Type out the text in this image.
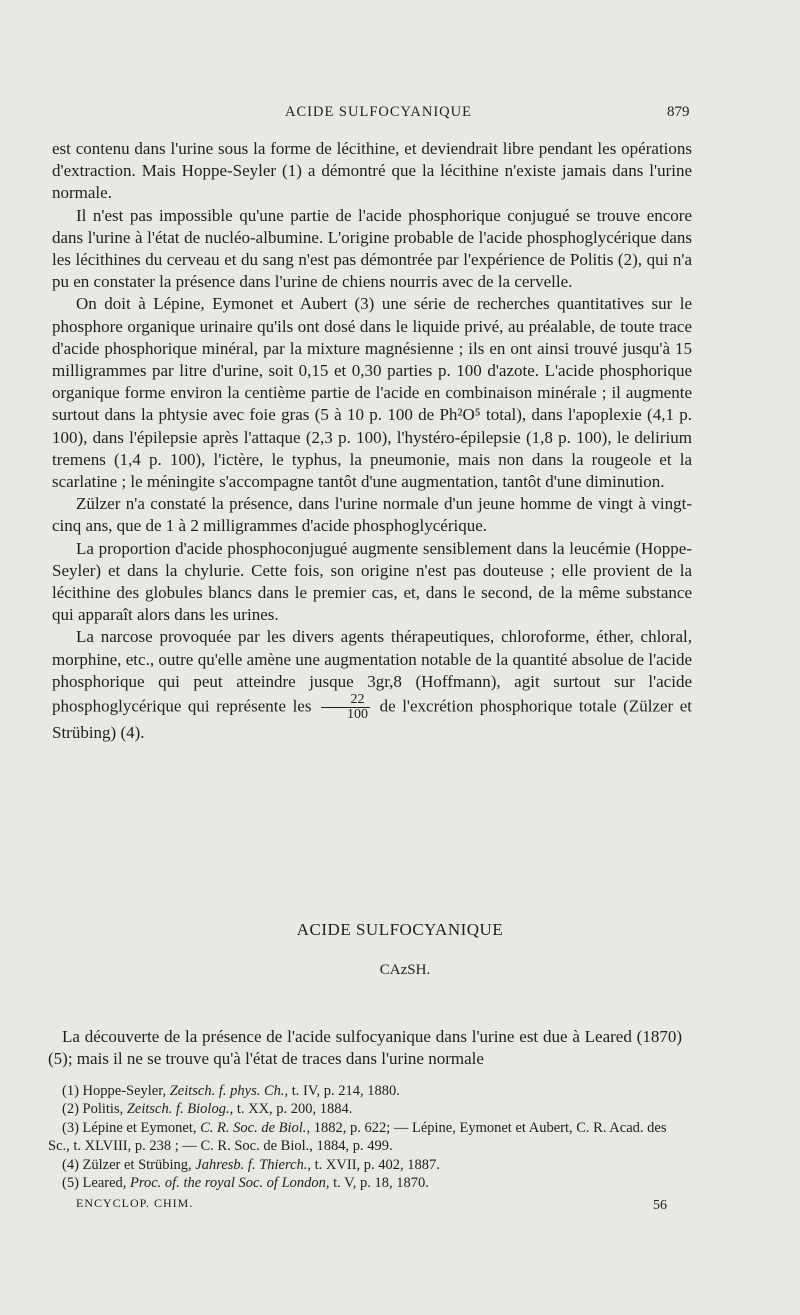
ACIDE SULFOCYANIQUE	879

est contenu dans l'urine sous la forme de lécithine, et deviendrait libre pendant les opérations d'extraction. Mais Hoppe-Seyler (1) a démontré que la lécithine n'existe jamais dans l'urine normale.

Il n'est pas impossible qu'une partie de l'acide phosphorique conjugué se trouve encore dans l'urine à l'état de nucléo-albumine. L'origine probable de l'acide phosphoglycérique dans les lécithines du cerveau et du sang n'est pas démontrée par l'expérience de Politis (2), qui n'a pu en constater la présence dans l'urine de chiens nourris avec de la cervelle.

On doit à Lépine, Eymonet et Aubert (3) une série de recherches quantitatives sur le phosphore organique urinaire qu'ils ont dosé dans le liquide privé, au préalable, de toute trace d'acide phosphorique minéral, par la mixture magnésienne ; ils en ont ainsi trouvé jusqu'à 15 milligrammes par litre d'urine, soit 0,15 et 0,30 parties p. 100 d'azote. L'acide phosphorique organique forme environ la centième partie de l'acide en combinaison minérale ; il augmente surtout dans la phtysie avec foie gras (5 à 10 p. 100 de Ph²O⁵ total), dans l'apoplexie (4,1 p. 100), dans l'épilepsie après l'attaque (2,3 p. 100), l'hystéro-épilepsie (1,8 p. 100), le delirium tremens (1,4 p. 100), l'ictère, le typhus, la pneumonie, mais non dans la rougeole et la scarlatine ; le méningite s'accompagne tantôt d'une augmentation, tantôt d'une diminution.

Zülzer n'a constaté la présence, dans l'urine normale d'un jeune homme de vingt à vingt-cinq ans, que de 1 à 2 milligrammes d'acide phosphoglycérique.

La proportion d'acide phosphoconjugué augmente sensiblement dans la leucémie (Hoppe-Seyler) et dans la chylurie. Cette fois, son origine n'est pas douteuse ; elle provient de la lécithine des globules blancs dans le premier cas, et, dans le second, de la même substance qui apparaît alors dans les urines.

La narcose provoquée par les divers agents thérapeutiques, chloroforme, éther, chloral, morphine, etc., outre qu'elle amène une augmentation notable de la quantité absolue de l'acide phosphorique qui peut atteindre jusque 3gr,8 (Hoffmann), agit surtout sur l'acide phosphoglycérique qui représente les $\frac{22}{100}$ de l'excrétion phosphorique totale (Zülzer et Strübing) (4).

ACIDE SULFOCYANIQUE
CAzSH.

La découverte de la présence de l'acide sulfocyanique dans l'urine est due à Leared (1870) (5); mais il ne se trouve qu'à l'état de traces dans l'urine normale

(1) Hoppe-Seyler, Zeitsch. f. phys. Ch., t. IV, p. 214, 1880.
(2) Politis, Zeitsch. f. Biolog., t. XX, p. 200, 1884.
(3) Lépine et Eymonet, C. R. Soc. de Biol., 1882, p. 622; — Lépine, Eymonet et Aubert, C. R. Acad. des Sc., t. XLVIII, p. 238 ; — C. R. Soc. de Biol., 1884, p. 499.
(4) Zülzer et Strübing, Jahresb. f. Thierch., t. XVII, p. 402, 1887.
(5) Leared, Proc. of. the royal Soc. of London, t. V, p. 18, 1870.
ENCYCLOP. CHIM.	56
